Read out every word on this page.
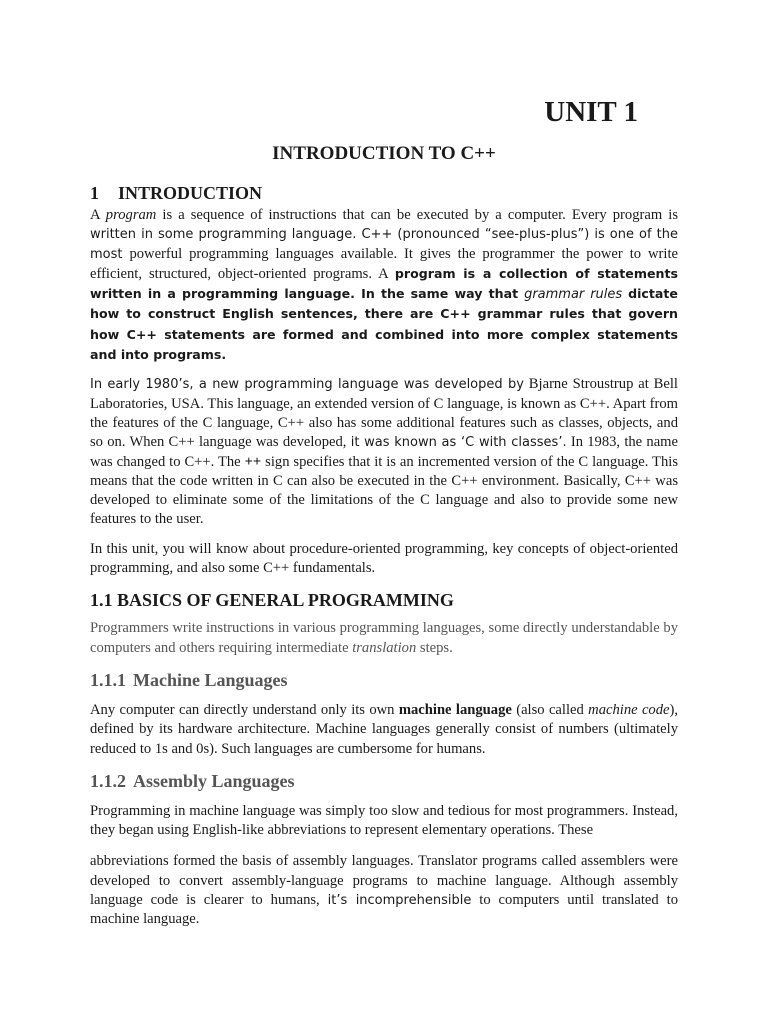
UNIT 1
INTRODUCTION TO C++
1 INTRODUCTION

A program is a sequence of instructions that can be executed by a computer. Every program is written in some programming language. C++ (pronounced “see-plus-plus”) is one of the most powerful programming languages available. It gives the programmer the power to write efficient, structured, object-oriented programs. A program is a collection of statements written in a programming language. In the same way that grammar rules dictate how to construct English sentences, there are C++ grammar rules that govern how C++ statements are formed and combined into more complex statements and into programs.

In early 1980’s, a new programming language was developed by Bjarne Stroustrup at Bell Laboratories, USA. This language, an extended version of C language, is known as C++. Apart from the features of the C language, C++ also has some additional features such as classes, objects, and so on. When C++ language was developed, it was known as ‘C with classes’. In 1983, the name was changed to C++. The ++ sign specifies that it is an incremented version of the C language. This means that the code written in C can also be executed in the C++ environment. Basically, C++ was developed to eliminate some of the limitations of the C language and also to provide some new features to the user.

In this unit, you will know about procedure-oriented programming, key concepts of object-oriented programming, and also some C++ fundamentals.

1.1 BASICS OF GENERAL PROGRAMMING

Programmers write instructions in various programming languages, some directly understandable by computers and others requiring intermediate translation steps.

1.1.1 Machine Languages

Any computer can directly understand only its own machine language (also called machine code), defined by its hardware architecture. Machine languages generally consist of numbers (ultimately reduced to 1s and 0s). Such languages are cumbersome for humans.

1.1.2 Assembly Languages

Programming in machine language was simply too slow and tedious for most programmers. Instead, they began using English-like abbreviations to represent elementary operations. These

abbreviations formed the basis of assembly languages. Translator programs called assemblers were developed to convert assembly-language programs to machine language. Although assembly language code is clearer to humans, it’s incomprehensible to computers until translated to machine language.
